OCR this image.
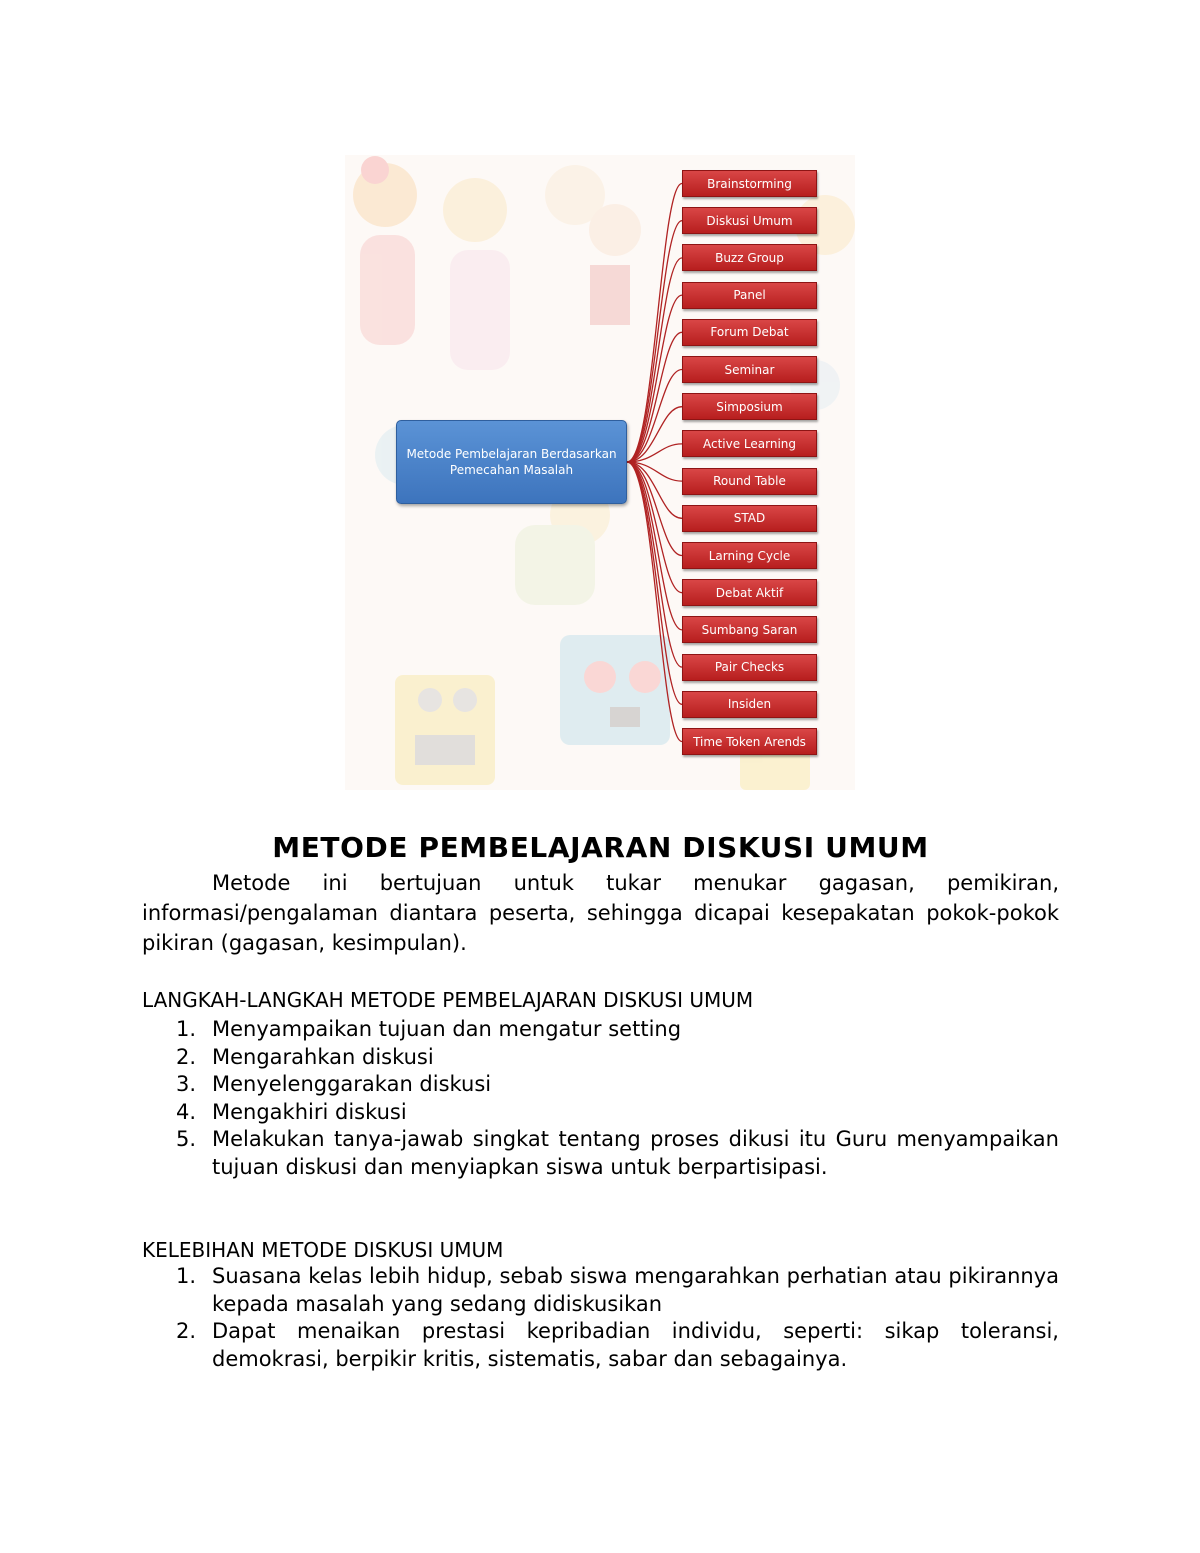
Metode Pembelajaran Berdasarkan Pemecahan Masalah
Brainstorming
Diskusi Umum
Buzz Group
Panel
Forum Debat
Seminar
Simposium
Active Learning
Round Table
STAD
Larning Cycle
Debat Aktif
Sumbang Saran
Pair Checks
Insiden
Time Token Arends
METODE PEMBELAJARAN DISKUSI UMUM

Metode ini bertujuan untuk tukar menukar gagasan, pemikiran, informasi/pengalaman diantara peserta, sehingga dicapai kesepakatan pokok-pokok pikiran (gagasan, kesimpulan).

LANGKAH-LANGKAH METODE PEMBELAJARAN DISKUSI UMUM

1. Menyampaikan tujuan dan mengatur setting
2. Mengarahkan diskusi
3. Menyelenggarakan diskusi
4. Mengakhiri diskusi
5. Melakukan tanya-jawab singkat tentang proses dikusi itu Guru menyampaikan tujuan diskusi dan menyiapkan siswa untuk berpartisipasi.

KELEBIHAN METODE DISKUSI UMUM

1. Suasana kelas lebih hidup, sebab siswa mengarahkan perhatian atau pikirannya kepada masalah yang sedang didiskusikan
2. Dapat menaikan prestasi kepribadian individu, seperti: sikap toleransi, demokrasi, berpikir kritis, sistematis, sabar dan sebagainya.
